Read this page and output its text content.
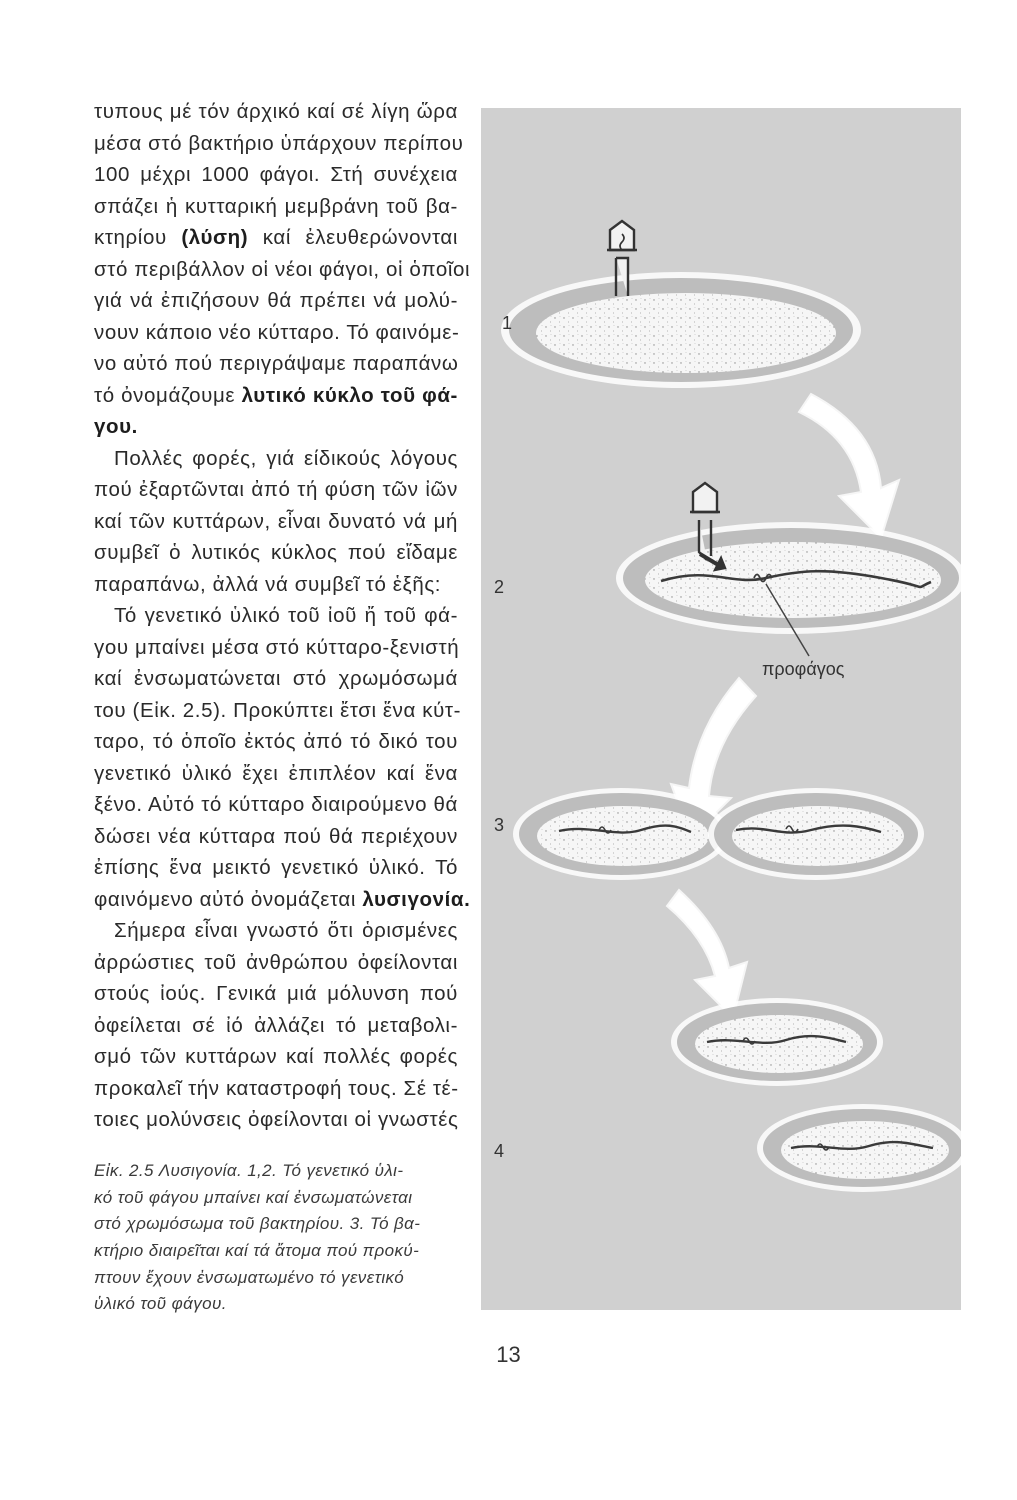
τυπους μέ τόν άρχικό καί σέ λίγη ὥρα
μέσα στό βακτήριο ὑπάρχουν περίπου
100 μέχρι 1000 φάγοι. Στή συνέχεια
σπάζει ἡ κυτταρική μεμβράνη τοῦ βα-
κτηρίου (λύση) καί ἐλευθερώνονται
στό περιβάλλον οἱ νέοι φάγοι, οἱ ὁποῖοι
γιά νά ἐπιζήσουν θά πρέπει νά μολύ-
νουν κάποιο νέο κύτταρο. Τό φαινόμε-
νο αὐτό πού περιγράψαμε παραπάνω
τό ὀνομάζουμε λυτικό κύκλο τοῦ φά-
γου.
Πολλές φορές, γιά είδικούς λόγους
πού ἐξαρτῶνται ἀπό τή φύση τῶν ἰῶν
καί τῶν κυττάρων, εἶναι δυνατό νά μή
συμβεῖ ὁ λυτικός κύκλος πού εἴδαμε
παραπάνω, ἀλλά νά συμβεῖ τό ἑξῆς:
Τό γενετικό ὑλικό τοῦ ἰοῦ ἤ τοῦ φά-
γου μπαίνει μέσα στό κύτταρο-ξενιστή
καί ἐνσωματώνεται στό χρωμόσωμά
του (Εἰκ. 2.5). Προκύπτει ἔτσι ἕνα κύτ-
ταρο, τό ὁποῖο ἐκτός ἀπό τό δικό του
γενετικό ὑλικό ἔχει ἐπιπλέον καί ἕνα
ξένο. Αὐτό τό κύτταρο διαιρούμενο θά
δώσει νέα κύτταρα πού θά περιέχουν
ἐπίσης ἕνα μεικτό γενετικό ὑλικό. Τό
φαινόμενο αὐτό ὀνομάζεται λυσιγονία.
Σήμερα εἶναι γνωστό ὅτι ὁρισμένες
ἀρρώστιες τοῦ ἀνθρώπου ὀφείλονται
στούς ἰούς. Γενικά μιά μόλυνση πού
ὀφείλεται σέ ἰό ἀλλάζει τό μεταβολι-
σμό τῶν κυττάρων καί πολλές φορές
προκαλεῖ τήν καταστροφή τους. Σέ τέ-
τοιες μολύνσεις ὀφείλονται οἱ γνωστές
Εἰκ. 2.5 Λυσιγονία. 1,2. Τό γενετικό ὑλι-
κό τοῦ φάγου μπαίνει καί ἐνσωματώνεται
στό χρωμόσωμα τοῦ βακτηρίου. 3. Τό βα-
κτήριο διαιρεῖται καί τά ἄτομα πού προκύ-
πτουν ἔχουν ἐνσωματωμένο τό γενετικό
ὑλικό τοῦ φάγου.
1
2
3
4
προφάγος
13
